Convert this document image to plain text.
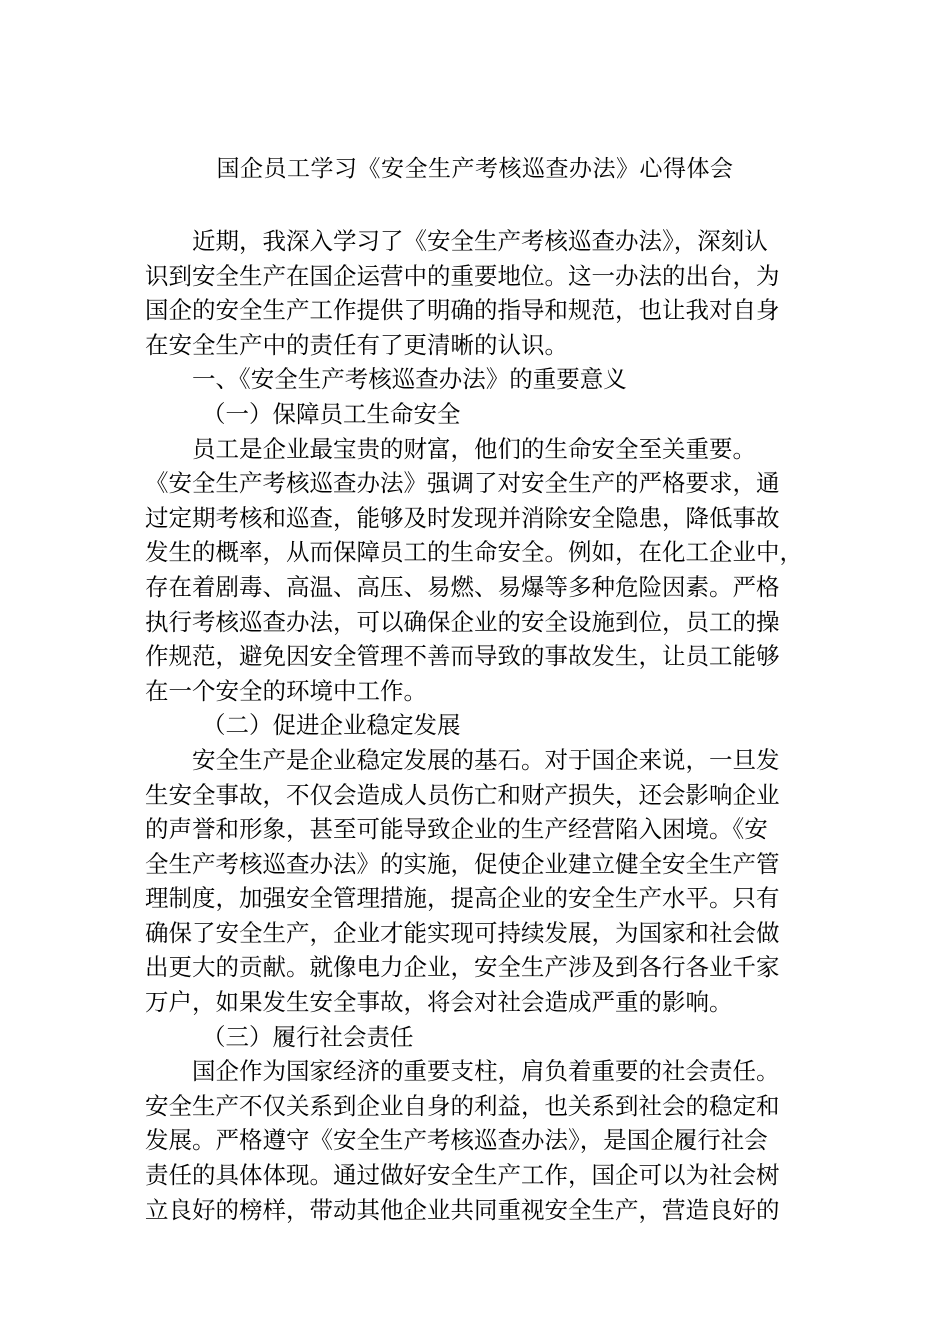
国企员工学习《安全生产考核巡查办法》心得体会
近期，我深入学习了《安全生产考核巡查办法》，深刻认
识到安全生产在国企运营中的重要地位。这一办法的出台，为
国企的安全生产工作提供了明确的指导和规范，也让我对自身
在安全生产中的责任有了更清晰的认识。
一、《安全生产考核巡查办法》的重要意义
（一）保障员工生命安全
员工是企业最宝贵的财富，他们的生命安全至关重要。
《安全生产考核巡查办法》强调了对安全生产的严格要求，通
过定期考核和巡查，能够及时发现并消除安全隐患，降低事故
发生的概率，从而保障员工的生命安全。例如，在化工企业中，
存在着剧毒、高温、高压、易燃、易爆等多种危险因素。严格
执行考核巡查办法，可以确保企业的安全设施到位，员工的操
作规范，避免因安全管理不善而导致的事故发生，让员工能够
在一个安全的环境中工作。
（二）促进企业稳定发展
安全生产是企业稳定发展的基石。对于国企来说，一旦发
生安全事故，不仅会造成人员伤亡和财产损失，还会影响企业
的声誉和形象，甚至可能导致企业的生产经营陷入困境。《安
全生产考核巡查办法》的实施，促使企业建立健全安全生产管
理制度，加强安全管理措施，提高企业的安全生产水平。只有
确保了安全生产，企业才能实现可持续发展，为国家和社会做
出更大的贡献。就像电力企业，安全生产涉及到各行各业千家
万户，如果发生安全事故，将会对社会造成严重的影响。
（三）履行社会责任
国企作为国家经济的重要支柱，肩负着重要的社会责任。
安全生产不仅关系到企业自身的利益，也关系到社会的稳定和
发展。严格遵守《安全生产考核巡查办法》，是国企履行社会
责任的具体体现。通过做好安全生产工作，国企可以为社会树
立良好的榜样，带动其他企业共同重视安全生产，营造良好的
